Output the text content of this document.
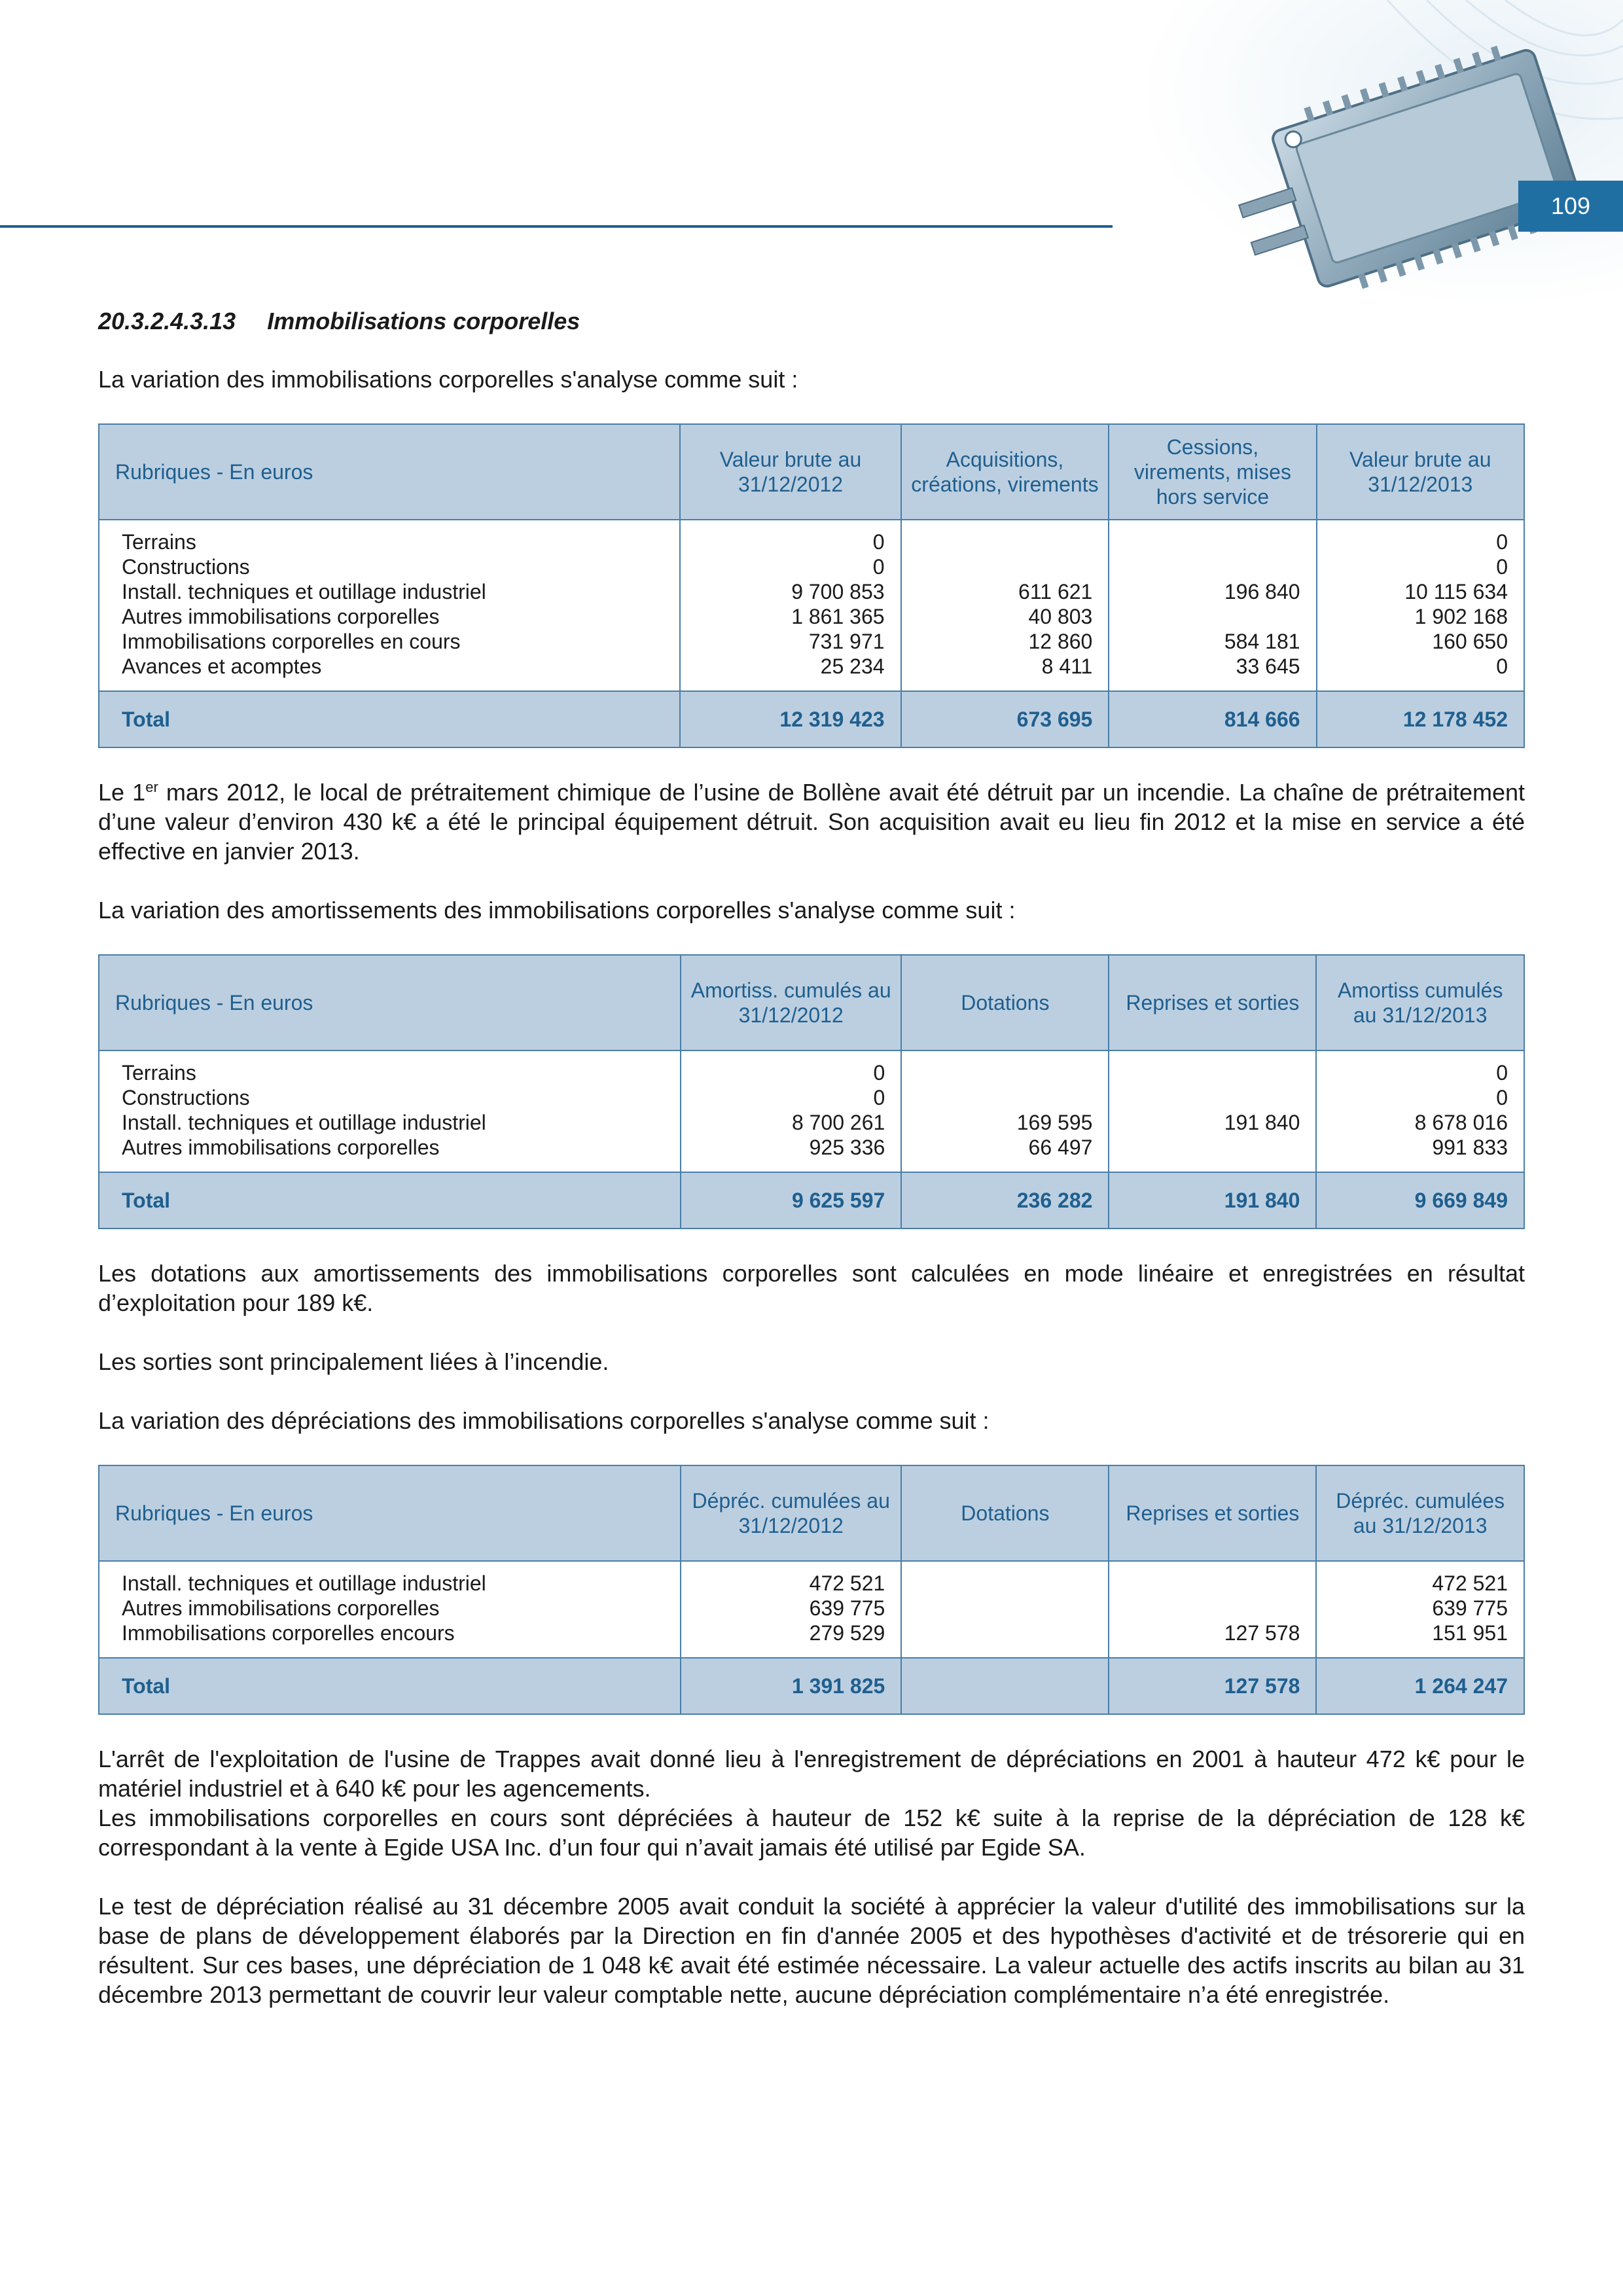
109
20.3.2.4.3.13 Immobilisations corporelles

La variation des immobilisations corporelles s'analyse comme suit :

Rubriques - En euros	Valeur brute au 31/12/2012	Acquisitions, créations, virements	Cessions, virements, mises hors service	Valeur brute au 31/12/2013
Terrains	0			0
Constructions	0			0
Install. techniques et outillage industriel	9 700 853	611 621	196 840	10 115 634
Autres immobilisations corporelles	1 861 365	40 803		1 902 168
Immobilisations corporelles en cours	731 971	12 860	584 181	160 650
Avances et acomptes	25 234	8 411	33 645	0
Total	12 319 423	673 695	814 666	12 178 452

Le 1er mars 2012, le local de prétraitement chimique de l’usine de Bollène avait été détruit par un incendie. La chaîne de prétraitement d’une valeur d’environ 430 k€ a été le principal équipement détruit. Son acquisition avait eu lieu fin 2012 et la mise en service a été effective en janvier 2013.

La variation des amortissements des immobilisations corporelles s'analyse comme suit :

Rubriques - En euros	Amortiss. cumulés au 31/12/2012	Dotations	Reprises et sorties	Amortiss cumulés au 31/12/2013
Terrains	0			0
Constructions	0			0
Install. techniques et outillage industriel	8 700 261	169 595	191 840	8 678 016
Autres immobilisations corporelles	925 336	66 497		991 833
Total	9 625 597	236 282	191 840	9 669 849

Les dotations aux amortissements des immobilisations corporelles sont calculées en mode linéaire et enregistrées en résultat d’exploitation pour 189 k€.

Les sorties sont principalement liées à l’incendie.

La variation des dépréciations des immobilisations corporelles s'analyse comme suit :

Rubriques - En euros	Dépréc. cumulées au 31/12/2012	Dotations	Reprises et sorties	Dépréc. cumulées au 31/12/2013
Install. techniques et outillage industriel	472 521			472 521
Autres immobilisations corporelles	639 775			639 775
Immobilisations corporelles encours	279 529		127 578	151 951
Total	1 391 825		127 578	1 264 247

L'arrêt de l'exploitation de l'usine de Trappes avait donné lieu à l'enregistrement de dépréciations en 2001 à hauteur 472 k€ pour le matériel industriel et à 640 k€ pour les agencements.

Les immobilisations corporelles en cours sont dépréciées à hauteur de 152 k€ suite à la reprise de la dépréciation de 128 k€ correspondant à la vente à Egide USA Inc. d’un four qui n’avait jamais été utilisé par Egide SA.

Le test de dépréciation réalisé au 31 décembre 2005 avait conduit la société à apprécier la valeur d'utilité des immobilisations sur la base de plans de développement élaborés par la Direction en fin d'année 2005 et des hypothèses d'activité et de trésorerie qui en résultent. Sur ces bases, une dépréciation de 1 048 k€ avait été estimée nécessaire. La valeur actuelle des actifs inscrits au bilan au 31 décembre 2013 permettant de couvrir leur valeur comptable nette, aucune dépréciation complémentaire n’a été enregistrée.
